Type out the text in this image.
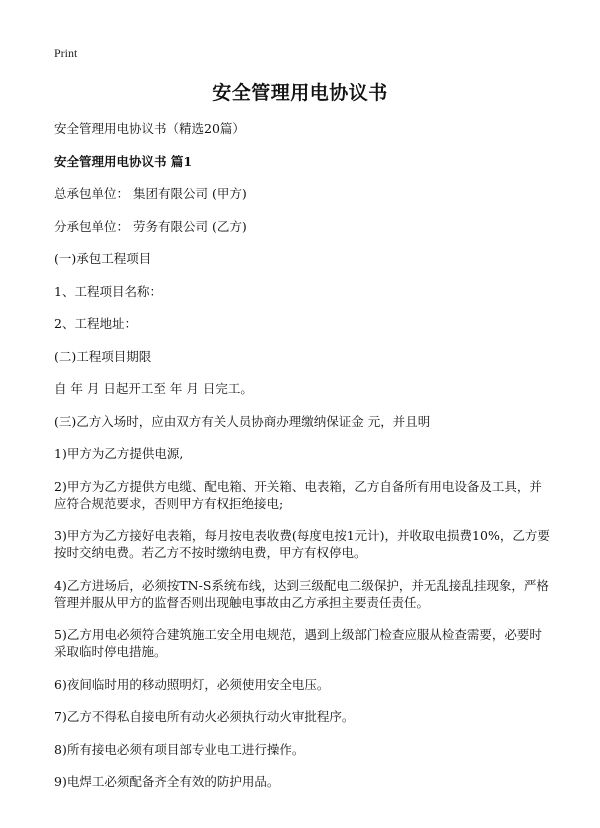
Print
安全管理用电协议书

安全管理用电协议书（精选20篇）

安全管理用电协议书 篇1

总承包单位： 集团有限公司 (甲方)

分承包单位： 劳务有限公司 (乙方)

(一)承包工程项目

1、工程项目名称：

2、工程地址：

(二)工程项目期限

自 年 月 日起开工至 年 月 日完工。

(三)乙方入场时，应由双方有关人员协商办理缴纳保证金 元，并且明

1)甲方为乙方提供电源,

2)甲方为乙方提供方电缆、配电箱、开关箱、电表箱，乙方自备所有用电设备及工具，并应符合规范要求，否则甲方有权拒绝接电;

3)甲方为乙方接好电表箱，每月按电表收费(每度电按1元计)，并收取电损费10%，乙方要按时交纳电费。若乙方不按时缴纳电费，甲方有权停电。

4)乙方进场后，必须按TN-S系统布线，达到三级配电二级保护，并无乱接乱挂现象，严格管理并服从甲方的监督否则出现触电事故由乙方承担主要责任责任。

5)乙方用电必须符合建筑施工安全用电规范，遇到上级部门检查应服从检查需要，必要时采取临时停电措施。

6)夜间临时用的移动照明灯，必须使用安全电压。

7)乙方不得私自接电所有动火必须执行动火审批程序。

8)所有接电必须有项目部专业电工进行操作。

9)电焊工必须配备齐全有效的防护用品。
